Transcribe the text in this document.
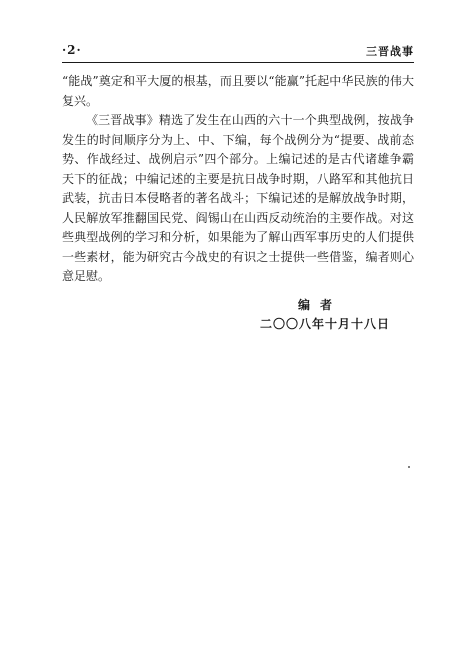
·2·	三晋战事

“能战”奠定和平大厦的根基，而且要以“能赢”托起中华民族的伟大复兴。

《三晋战事》精选了发生在山西的六十一个典型战例，按战争发生的时间顺序分为上、中、下编，每个战例分为“提要、战前态势、作战经过、战例启示”四个部分。上编记述的是古代诸雄争霸天下的征战；中编记述的主要是抗日战争时期，八路军和其他抗日武装，抗击日本侵略者的著名战斗；下编记述的是解放战争时期，人民解放军推翻国民党、阎锡山在山西反动统治的主要作战。对这些典型战例的学习和分析，如果能为了解山西军事历史的人们提供一些素材，能为研究古今战史的有识之士提供一些借鉴，编者则心意足慰。

编者
二〇〇八年十月十八日
